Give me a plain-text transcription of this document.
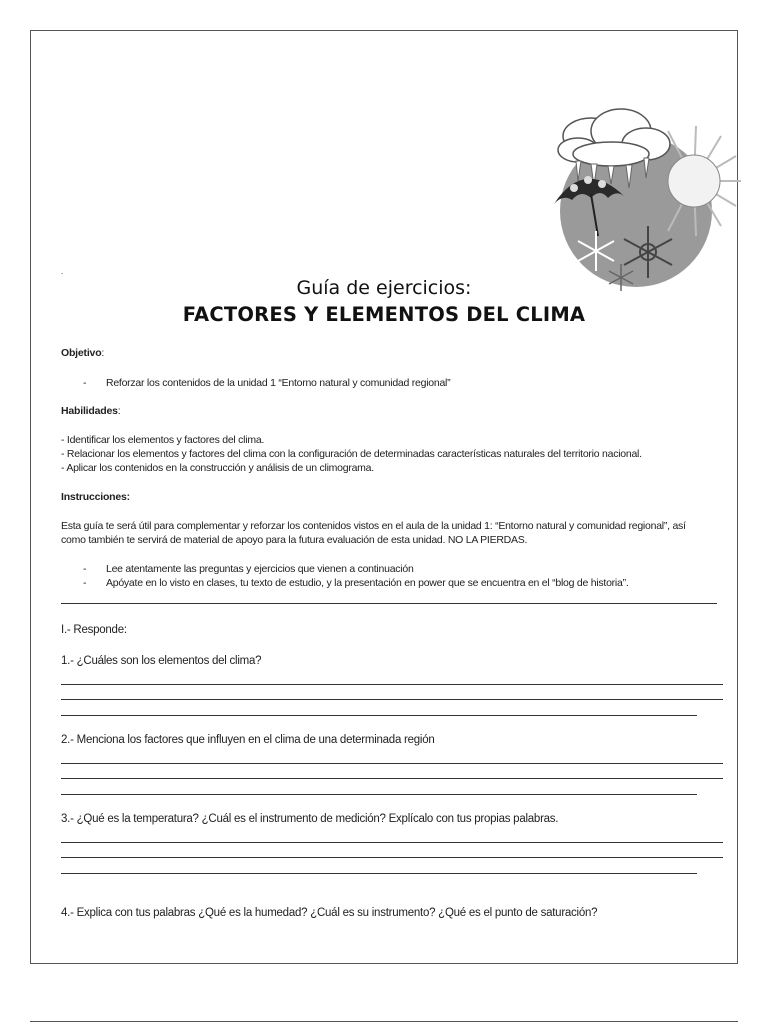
.
Guía de ejercicios:
FACTORES Y ELEMENTOS DEL CLIMA
Objetivo:
- Reforzar los contenidos de la unidad 1 “Entorno natural y comunidad regional”
Habilidades:
- Identificar los elementos y factores del clima.
- Relacionar los elementos y factores del clima con la configuración de determinadas características naturales del territorio nacional.
- Aplicar los contenidos en la construcción y análisis de un climograma.
Instrucciones:
Esta guía te será útil para complementar y reforzar los contenidos vistos en el aula de la unidad 1: “Entorno natural y comunidad regional”, así
como también te servirá de material de apoyo para la futura evaluación de esta unidad. NO LA PIERDAS.
- Lee atentamente las preguntas y ejercicios que vienen a continuación
- Apóyate en lo visto en clases, tu texto de estudio, y la presentación en power que se encuentra en el “blog de historia”.
I.- Responde:
1.- ¿Cuáles son los elementos del clima?
2.- Menciona los factores que influyen en el clima de una determinada región
3.- ¿Qué es la temperatura? ¿Cuál es el instrumento de medición? Explícalo con tus propias palabras.
4.- Explica con tus palabras ¿Qué es la humedad? ¿Cuál es su instrumento? ¿Qué es el punto de saturación?
